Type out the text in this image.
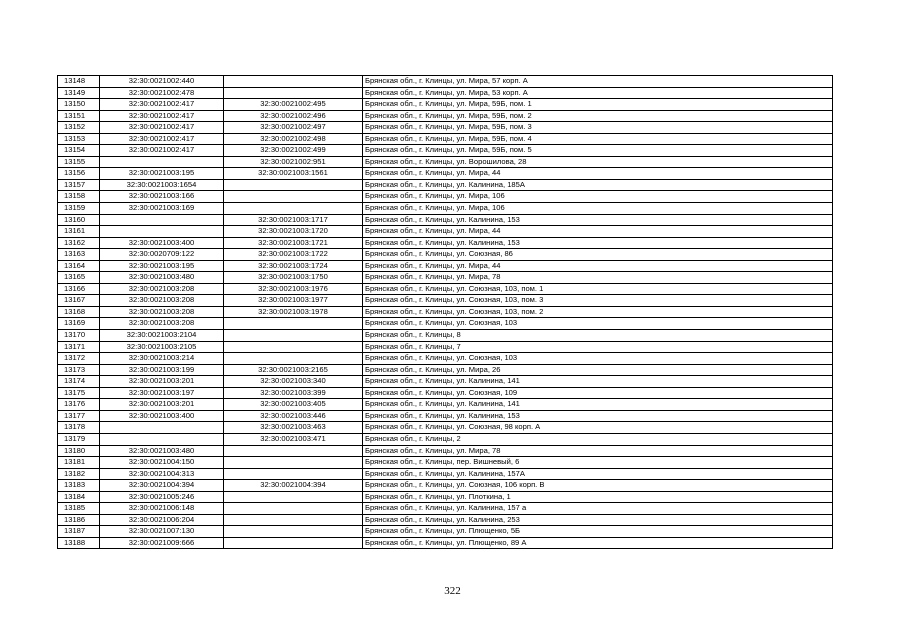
13148	32:30:0021002:440		Брянская обл., г. Клинцы, ул. Мира, 57 корп. А
13149	32:30:0021002:478		Брянская обл., г. Клинцы, ул. Мира, 53 корп. А
13150	32:30:0021002:417	32:30:0021002:495	Брянская обл., г. Клинцы, ул. Мира, 59Б, пом. 1
13151	32:30:0021002:417	32:30:0021002:496	Брянская обл., г. Клинцы, ул. Мира, 59Б, пом. 2
13152	32:30:0021002:417	32:30:0021002:497	Брянская обл., г. Клинцы, ул. Мира, 59Б, пом. 3
13153	32:30:0021002:417	32:30:0021002:498	Брянская обл., г. Клинцы, ул. Мира, 59Б, пом. 4
13154	32:30:0021002:417	32:30:0021002:499	Брянская обл., г. Клинцы, ул. Мира, 59Б, пом. 5
13155		32:30:0021002:951	Брянская обл., г. Клинцы, ул. Ворошилова, 28
13156	32:30:0021003:195	32:30:0021003:1561	Брянская обл., г. Клинцы, ул. Мира, 44
13157	32:30:0021003:1654		Брянская обл., г. Клинцы, ул. Калинина, 185А
13158	32:30:0021003:166		Брянская обл., г. Клинцы, ул. Мира, 106
13159	32:30:0021003:169		Брянская обл., г. Клинцы, ул. Мира, 106
13160		32:30:0021003:1717	Брянская обл., г. Клинцы, ул. Калинина, 153
13161		32:30:0021003:1720	Брянская обл., г. Клинцы, ул. Мира, 44
13162	32:30:0021003:400	32:30:0021003:1721	Брянская обл., г. Клинцы, ул. Калинина, 153
13163	32:30:0020709:122	32:30:0021003:1722	Брянская обл., г. Клинцы, ул. Союзная, 86
13164	32:30:0021003:195	32:30:0021003:1724	Брянская обл., г. Клинцы, ул. Мира, 44
13165	32:30:0021003:480	32:30:0021003:1750	Брянская обл., г. Клинцы, ул. Мира, 78
13166	32:30:0021003:208	32:30:0021003:1976	Брянская обл., г. Клинцы, ул. Союзная, 103, пом. 1
13167	32:30:0021003:208	32:30:0021003:1977	Брянская обл., г. Клинцы, ул. Союзная, 103, пом. 3
13168	32:30:0021003:208	32:30:0021003:1978	Брянская обл., г. Клинцы, ул. Союзная, 103, пом. 2
13169	32:30:0021003:208		Брянская обл., г. Клинцы, ул. Союзная, 103
13170	32:30:0021003:2104		Брянская обл., г. Клинцы, 8
13171	32:30:0021003:2105		Брянская обл., г. Клинцы, 7
13172	32:30:0021003:214		Брянская обл., г. Клинцы, ул. Союзная, 103
13173	32:30:0021003:199	32:30:0021003:2165	Брянская обл., г. Клинцы, ул. Мира, 26
13174	32:30:0021003:201	32:30:0021003:340	Брянская обл., г. Клинцы, ул. Калинина, 141
13175	32:30:0021003:197	32:30:0021003:399	Брянская обл., г. Клинцы, ул. Союзная, 109
13176	32:30:0021003:201	32:30:0021003:405	Брянская обл., г. Клинцы, ул. Калинина, 141
13177	32:30:0021003:400	32:30:0021003:446	Брянская обл., г. Клинцы, ул. Калинина, 153
13178		32:30:0021003:463	Брянская обл., г. Клинцы, ул. Союзная, 98 корп. А
13179		32:30:0021003:471	Брянская обл., г. Клинцы, 2
13180	32:30:0021003:480		Брянская обл., г. Клинцы, ул. Мира, 78
13181	32:30:0021004:150		Брянская обл., г. Клинцы, пер. Вишневый, 6
13182	32:30:0021004:313		Брянская обл., г. Клинцы, ул. Калинина, 157А
13183	32:30:0021004:394	32:30:0021004:394	Брянская обл., г. Клинцы, ул. Союзная, 106 корп. В
13184	32:30:0021005:246		Брянская обл., г. Клинцы, ул. Плоткина, 1
13185	32:30:0021006:148		Брянская обл., г. Клинцы, ул. Калинина, 157 а
13186	32:30:0021006:204		Брянская обл., г. Клинцы, ул. Калинина, 253
13187	32:30:0021007:130		Брянская обл., г. Клинцы, ул. Плющенко, 5Б
13188	32:30:0021009:666		Брянская обл., г. Клинцы, ул. Плющенко, 89 А
322
